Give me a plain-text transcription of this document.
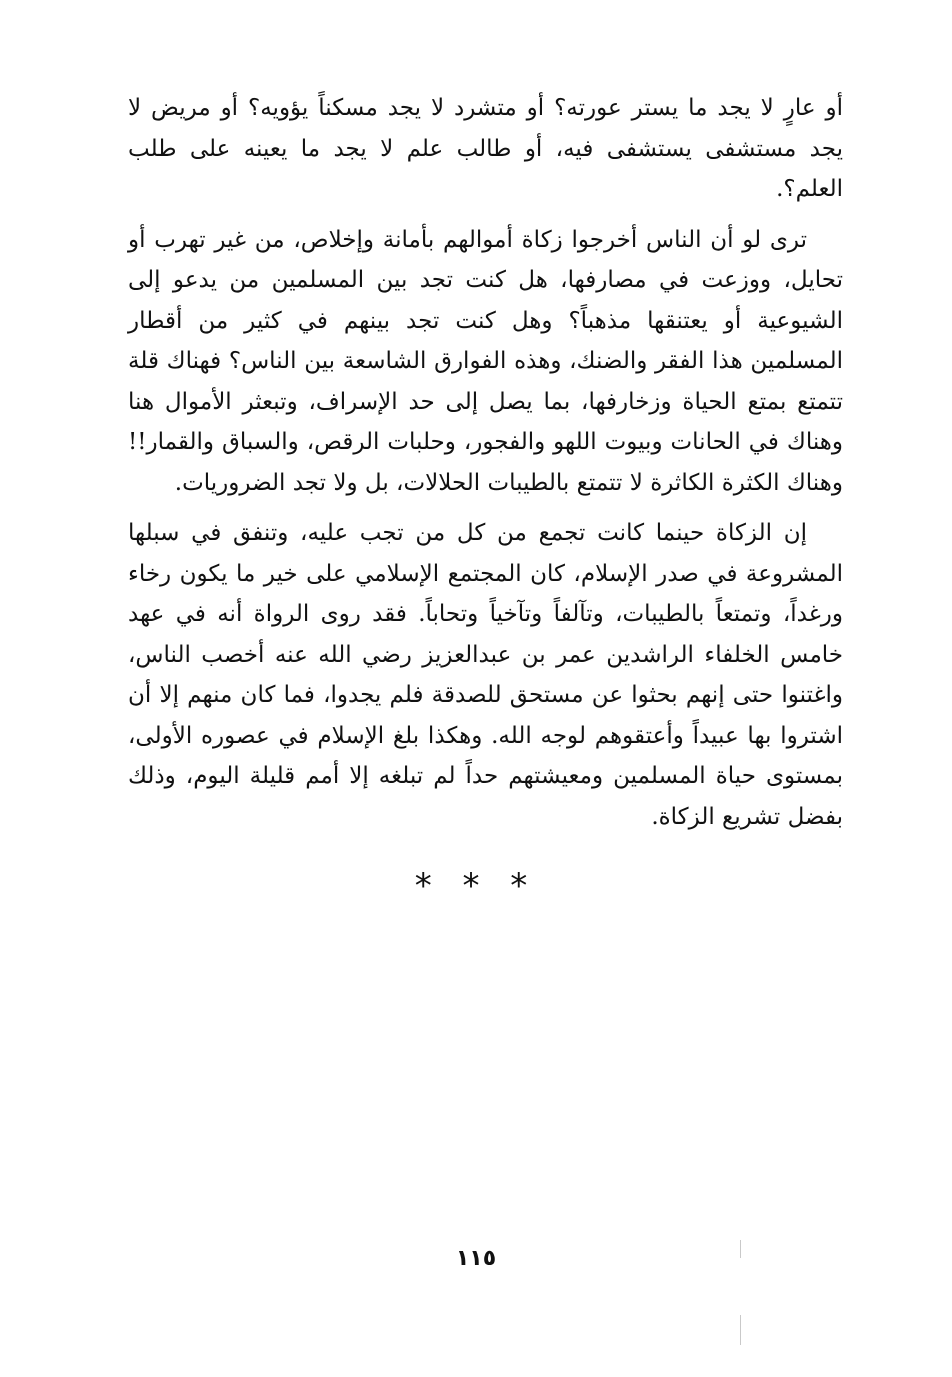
أو عارٍ لا يجد ما يستر عورته؟ أو متشرد لا يجد مسكناً يؤويه؟ أو مريض لا يجد مستشفى يستشفى فيه، أو طالب علم لا يجد ما يعينه على طلب العلم؟.

ترى لو أن الناس أخرجوا زكاة أموالهم بأمانة وإخلاص، من غير تهرب أو تحايل، ووزعت في مصارفها، هل كنت تجد بين المسلمين من يدعو إلى الشيوعية أو يعتنقها مذهباً؟ وهل كنت تجد بينهم في كثير من أقطار المسلمين هذا الفقر والضنك، وهذه الفوارق الشاسعة بين الناس؟ فهناك قلة تتمتع بمتع الحياة وزخارفها، بما يصل إلى حد الإسراف، وتبعثر الأموال هنا وهناك في الحانات وبيوت اللهو والفجور، وحلبات الرقص، والسباق والقمار!! وهناك الكثرة الكاثرة لا تتمتع بالطيبات الحلالات، بل ولا تجد الضروريات.

إن الزكاة حينما كانت تجمع من كل من تجب عليه، وتنفق في سبلها المشروعة في صدر الإسلام، كان المجتمع الإسلامي على خير ما يكون رخاء ورغداً، وتمتعاً بالطيبات، وتآلفاً وتآخياً وتحاباً. فقد روى الرواة أنه في عهد خامس الخلفاء الراشدين عمر بن عبدالعزيز رضي الله عنه أخصب الناس، واغتنوا حتى إنهم بحثوا عن مستحق للصدقة فلم يجدوا، فما كان منهم إلا أن اشتروا بها عبيداً وأعتقوهم لوجه الله. وهكذا بلغ الإسلام في عصوره الأولى، بمستوى حياة المسلمين ومعيشتهم حداً لم تبلغه إلا أمم قليلة اليوم، وذلك بفضل تشريع الزكاة.

* * *
١١٥
